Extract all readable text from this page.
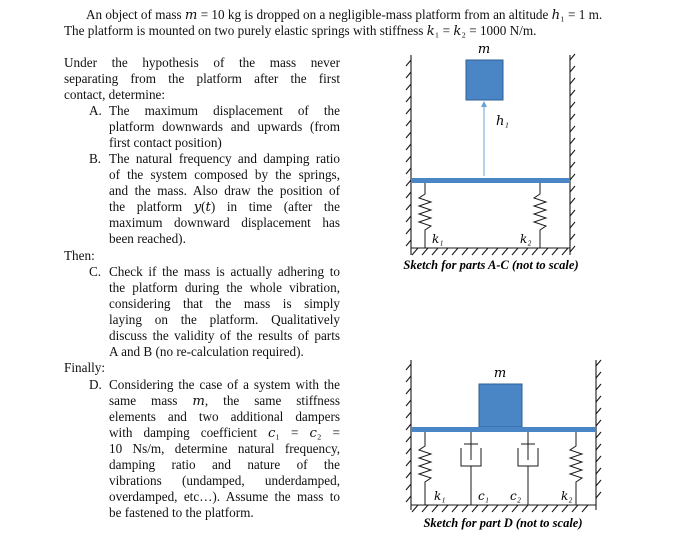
An object of mass 𝑚 = 10 kg is dropped on a negligible-mass platform from an altitude ℎ₁ = 1 m.
The platform is mounted on two purely elastic springs with stiffness 𝑘₁ = 𝑘₂ = 1000 N/m.
Under the hypothesis of the mass never
separating from the platform after the first
contact, determine:
A. The maximum displacement of the
platform downwards and upwards (from
first contact position)
B. The natural frequency and damping ratio
of the system composed by the springs,
and the mass. Also draw the position of
the platform 𝑦(𝑡) in time (after the
maximum downward displacement has
been reached).
Then:
C. Check if the mass is actually adhering to
the platform during the whole vibration,
considering that the mass is simply
laying on the platform. Qualitatively
discuss the validity of the results of parts
A and B (no re-calculation required).
Finally:
D. Considering the case of a system with the
same mass 𝑚, the same stiffness
elements and two additional dampers
with damping coefficient 𝑐₁ = 𝑐₂ =
10 Ns/m, determine natural frequency,
damping ratio and nature of the
vibrations (undamped, underdamped,
overdamped, etc…). Assume the mass to
be fastened to the platform.
𝑚
ℎ₁
𝑘₁	𝑘₂
Sketch for parts A-C (not to scale)
𝑚
𝑘₁	𝑐₁ 𝑐₂	𝑘₂
Sketch for part D (not to scale)
